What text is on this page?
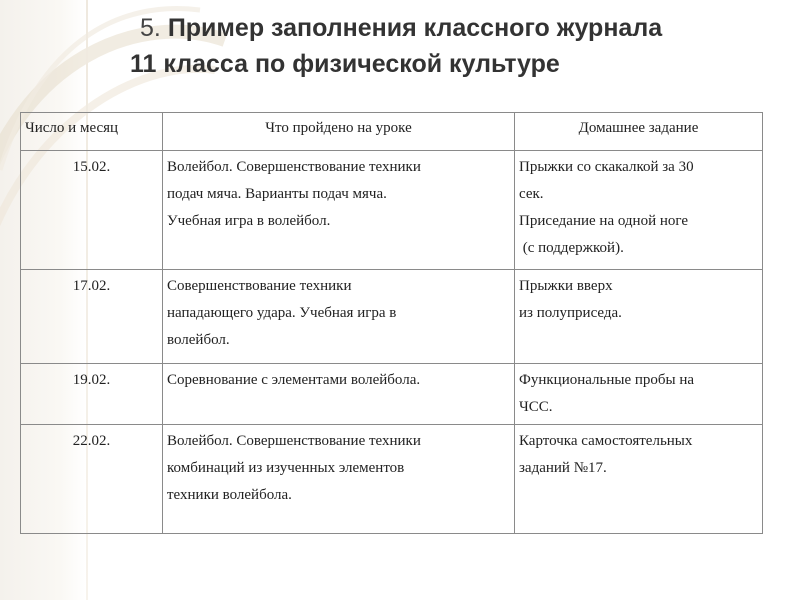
5. Пример заполнения классного журнала
11 класса по физической культуре
Число и месяц	Что пройдено на уроке	Домашнее задание
15.02.	Волейбол. Совершенствование техники
подач мяча. Варианты подач мяча.
Учебная игра в волейбол.	Прыжки со скакалкой за 30
сек.
Приседание на одной ноге
(с поддержкой).

17.02.	Совершенствование техники
нападающего удара. Учебная игра в
волейбол.	Прыжки вверх
из полуприседа.

19.02.	Соревнование с элементами волейбола.	Функциональные пробы на
ЧСС.

22.02.	Волейбол. Совершенствование техники
комбинаций из изученных элементов
техники волейбола.	Карточка самостоятельных
заданий №17.
